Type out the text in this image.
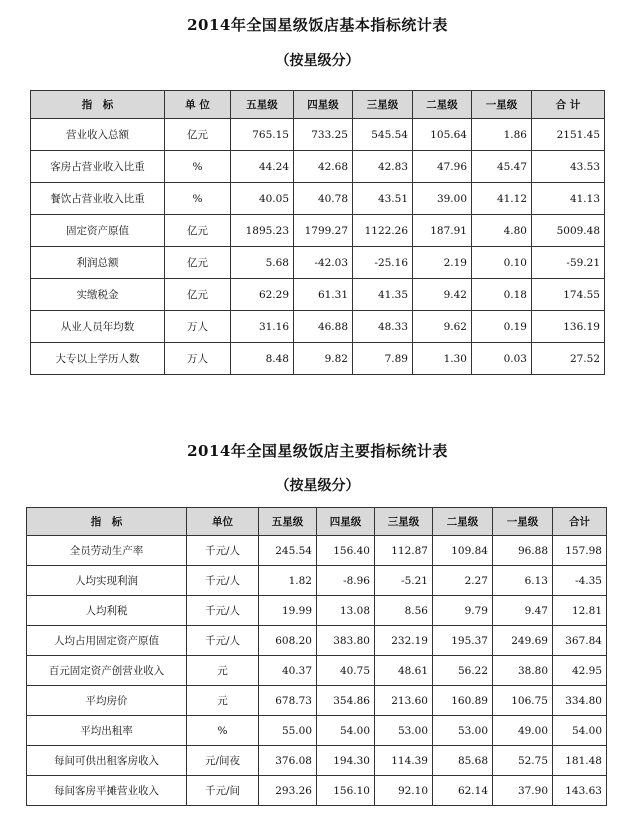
2014年全国星级饭店基本指标统计表
（按星级分）
指　标	单 位	五星级	四星级	三星级	二星级	一星级	合 计
营业收入总额	亿元	765.15	733.25	545.54	105.64	1.86	2151.45
客房占营业收入比重	%	44.24	42.68	42.83	47.96	45.47	43.53
餐饮占营业收入比重	%	40.05	40.78	43.51	39.00	41.12	41.13
固定资产原值	亿元	1895.23	1799.27	1122.26	187.91	4.80	5009.48
利润总额	亿元	5.68	-42.03	-25.16	2.19	0.10	-59.21
实缴税金	亿元	62.29	61.31	41.35	9.42	0.18	174.55
从业人员年均数	万人	31.16	46.88	48.33	9.62	0.19	136.19
大专以上学历人数	万人	8.48	9.82	7.89	1.30	0.03	27.52
2014年全国星级饭店主要指标统计表
（按星级分）
指　标	单位	五星级	四星级	三星级	二星级	一星级	合计
全员劳动生产率	千元/人	245.54	156.40	112.87	109.84	96.88	157.98
人均实现利润	千元/人	1.82	-8.96	-5.21	2.27	6.13	-4.35
人均利税	千元/人	19.99	13.08	8.56	9.79	9.47	12.81
人均占用固定资产原值	千元/人	608.20	383.80	232.19	195.37	249.69	367.84
百元固定资产创营业收入	元	40.37	40.75	48.61	56.22	38.80	42.95
平均房价	元	678.73	354.86	213.60	160.89	106.75	334.80
平均出租率	%	55.00	54.00	53.00	53.00	49.00	54.00
每间可供出租客房收入	元/间夜	376.08	194.30	114.39	85.68	52.75	181.48
每间客房平摊营业收入	千元/间	293.26	156.10	92.10	62.14	37.90	143.63
